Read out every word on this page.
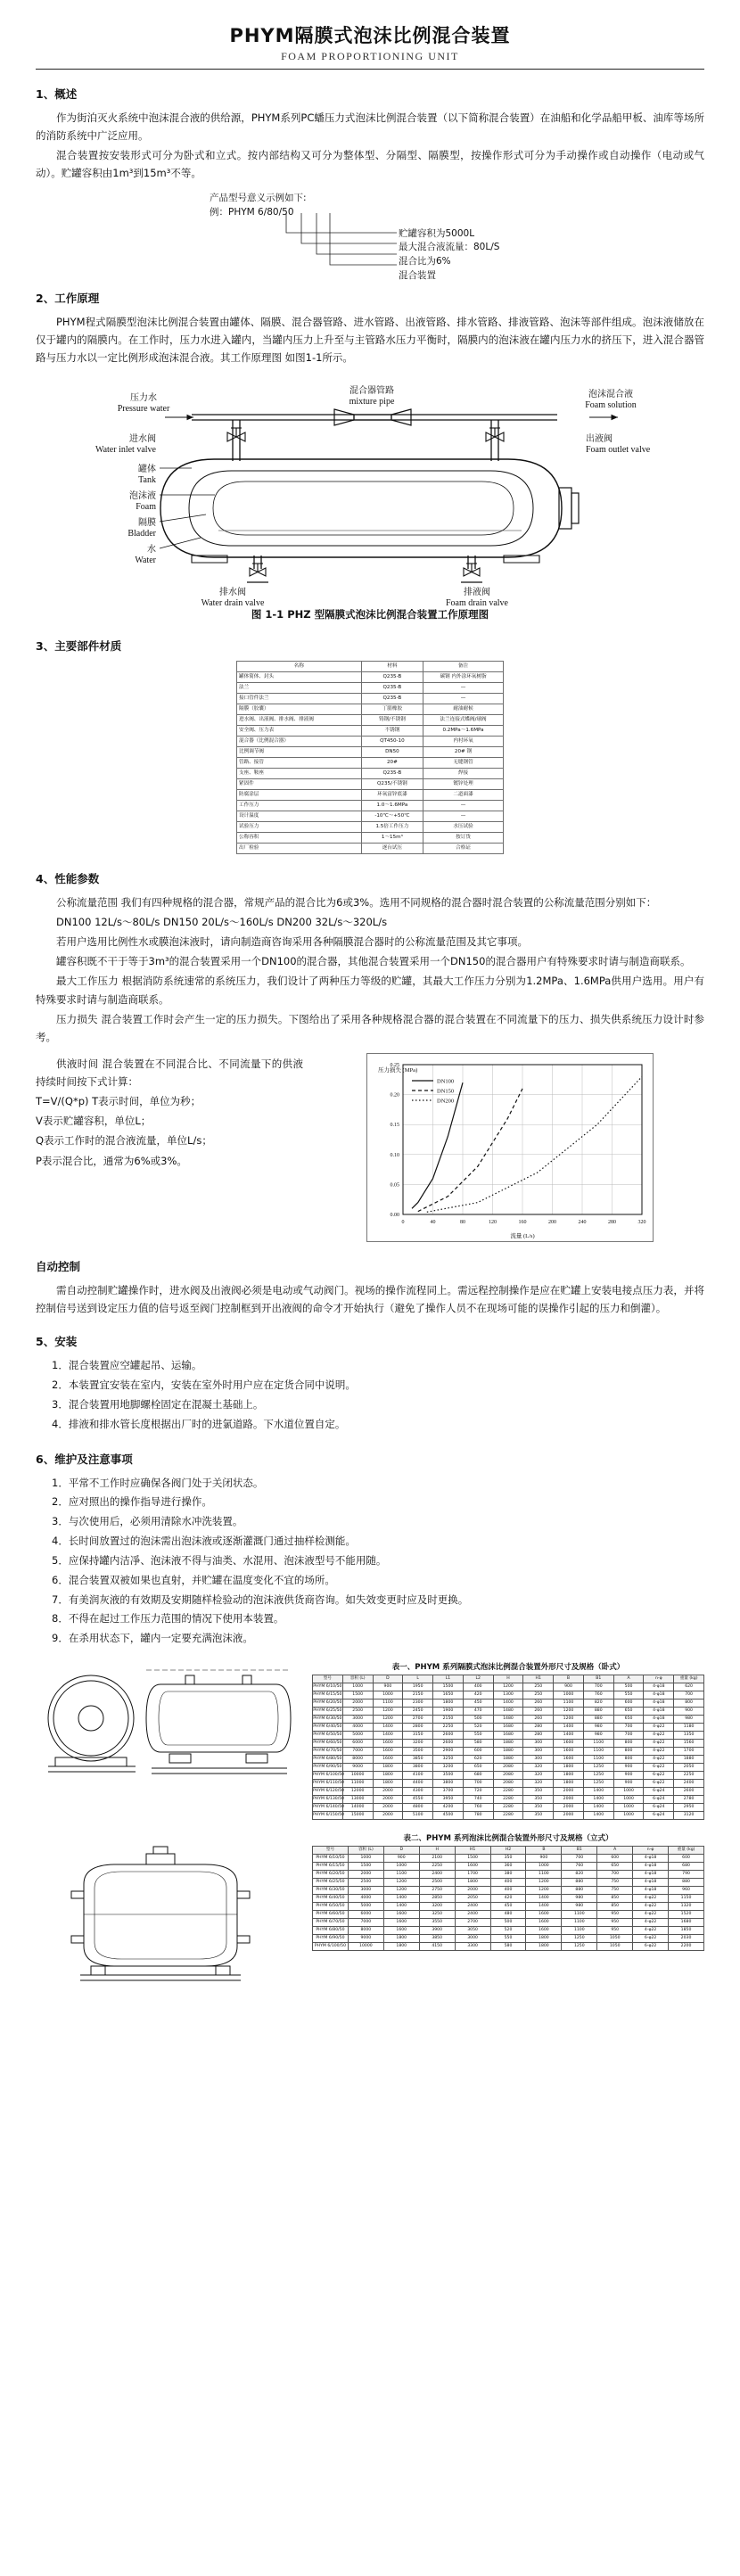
PHYM隔膜式泡沫比例混合装置
FOAM PROPORTIONING UNIT
1、概述

作为街泊灭火系统中泡沫混合液的供给源，PHYM系列PC蟠压力式泡沫比例混合装置（以下简称混合装置）在油船和化学品船甲板、油库等场所的消防系统中广泛应用。

混合装置按安装形式可分为卧式和立式。按内部结构又可分为整体型、分隔型、隔膜型，按操作形式可分为手动操作或自动操作（电动或气动）。贮罐容积由1m³到15m³不等。

产品型号意义示例如下:
例：PHYM 6/80/50
贮罐容积为5000L
最大混合液流量：80L/S
混合比为6%
混合装置
2、工作原理

PHYM程式隔膜型泡沫比例混合装置由罐体、隔膜、混合器管路、进水管路、出液管路、排水管路、排液管路、泡沫等部件组成。泡沫液储放在仅于罐内的隔膜内。在工作时，压力水进入罐内，当罐内压力上升至与主管路水压力平衡时，隔膜内的泡沫液在罐内压力水的挤压下，进入混合器管路与压力水以一定比例形成泡沫混合液。其工作原理图 如图1-1所示。

压力水
Pressure water
混合器管路
mixture pipe
泡沫混合液
Foam solution
进水阀
Water inlet valve
出液阀
Foam outlet valve
罐体
Tank
泡沫液
Foam
隔膜
Bladder
水
Water
排水阀
Water drain valve
排液阀
Foam drain valve
图 1-1 PHZ 型隔膜式泡沫比例混合装置工作原理图
3、主要部件材质
名称	材料	备注
罐体简体、封头	Q235-B	碳钢 内外涂环氧树脂
法兰	Q235-B	—
接口管件法兰	Q235-B	—
隔膜（胶囊）	丁腈橡胶	耐油耐候
进水阀、出液阀、排水阀、排液阀	铸钢/不锈钢	法兰连接式蝶阀/球阀
安全阀、压力表	不锈钢	0.2MPa～1.6MPa
混合器（比例混合器）	QT450-10	内衬环氧
比例调节阀	DN50	20# 钢
管路、接管	20#	无缝钢管
支座、鞍座	Q235-B	焊接
紧固件	Q235/不锈钢	镀锌处理
防腐涂层	环氧富锌底漆	二道面漆
工作压力	1.0～1.6MPa	—
设计温度	-10℃～+50℃	—
试验压力	1.5倍工作压力	水压试验
公称容积	1～15m³	按订货
出厂检验	逐台试压	合格证
4、性能参数

公称流量范围 我们有四种规格的混合器，常规产品的混合比为6或3%。选用不同规格的混合器时混合装置的公称流量范围分别如下：

DN100 12L/s～80L/s DN150 20L/s～160L/s DN200 32L/s～320L/s

若用户选用比例性水或膜泡沫液时，请向制造商咨询采用各种隔膜混合器时的公称流量范围及其它事项。

罐容积既不干于等于3m³的混合装置采用一个DN100的混合器，其他混合装置采用一个DN150的混合器用户有特殊要求时请与制造商联系。

最大工作压力 根据消防系统速常的系统压力，我们设计了两种压力等级的贮罐，其最大工作压力分别为1.2MPa、1.6MPa供用户选用。用户有特殊要求时请与制造商联系。

压力损失 混合装置工作时会产生一定的压力损失。下图给出了采用各种规格混合器的混合装置在不同流量下的压力、损失供系统压力设计时参考。

供液时间 混合装置在不同混合比、不同流量下的供液持续时间按下式计算：

T=V/(Q*p) T表示时间，单位为秒；

V表示贮罐容积，单位L；

Q表示工作时的混合液流量，单位L/s；

P表示混合比，通常为6%或3%。

0	40	80	120	160	200	240	280	320
0.00
0.05
0.10
0.15
0.20
0.25
流量 (L/s)
压力损失 (MPa)
DN100
DN150
DN200
自动控制

需自动控制贮罐操作时，进水阀及出液阀必须是电动或气动阀门。视场的操作流程同上。需远程控制操作是应在贮罐上安装电接点压力表，并将控制信号送到设定压力值的信号返至阀门控制框到开出液阀的命令才开始执行（避免了操作人员不在现场可能的误操作引起的压力和倒灌）。

5、安装

1．混合装置应空罐起吊、运输。

2．本装置宜安装在室内，安装在室外时用户应在定货合同中说明。

3．混合装置用地脚螺栓固定在混凝土基础上。

4．排液和排水管长度根据出厂时的进氯道路。下水道位置自定。

6、维护及注意事项

1．平常不工作时应确保各阀门处于关闭状态。

2．应对照出的操作指导进行操作。

3．与次使用后，必须用清除水冲洗装置。

4．长时间放置过的泡沫需出泡沫液或逐渐灌溉门通过抽样检测能。

5．应保持罐内洁凈、泡沫液不得与油类、水混用、泡沫液型号不能用随。

6．混合装置双被如果也直射，并贮罐在温度变化不宜的场所。

7．有美润灰液的有效期及安期随样检验动的泡沫液供货商咨询。如失效变更时应及时更换。

8．不得在起过工作压力范围的情况下使用本装置。

9．在杀用状态下，罐内一定要充满泡沫液。

表一、PHYM 系列隔膜式泡沫比例混合装置外形尺寸及规格（卧式）
型号	容积 (L)	D	L	L1	L2	H	H1	B	B1	A	n-φ	重量 (kg)
PHYM 6/10/50	1000	900	1950	1500	400	1200	250	900	700	500	4-φ18	620
PHYM 6/15/50	1500	1000	2150	1650	420	1300	250	1000	760	550	4-φ18	700
PHYM 6/20/50	2000	1100	2300	1800	450	1400	260	1100	820	600	4-φ18	800
PHYM 6/25/50	2500	1200	2450	1900	470	1480	260	1200	880	650	4-φ18	900
PHYM 6/30/50	3000	1200	2700	2150	500	1480	260	1200	880	650	4-φ18	980
PHYM 6/40/50	4000	1400	2800	2250	520	1680	280	1400	980	700	4-φ22	1180
PHYM 6/50/50	5000	1400	3150	2600	550	1680	280	1400	980	700	4-φ22	1350
PHYM 6/60/50	6000	1600	3200	2600	580	1880	300	1600	1100	800	4-φ22	1560
PHYM 6/70/50	7000	1600	3500	2900	600	1880	300	1600	1100	800	4-φ22	1700
PHYM 6/80/50	8000	1600	3850	3250	620	1880	300	1600	1100	800	4-φ22	1880
PHYM 6/90/50	9000	1800	3800	3200	650	2080	320	1800	1250	900	6-φ22	2050
PHYM 6/100/50	10000	1800	4100	3500	680	2080	320	1800	1250	900	6-φ22	2250
PHYM 6/110/50	11000	1800	4400	3800	700	2080	320	1800	1250	900	6-φ22	2400
PHYM 6/120/50	12000	2000	4300	3700	720	2280	350	2000	1400	1000	6-φ24	2600
PHYM 6/130/50	13000	2000	4550	3950	740	2280	350	2000	1400	1000	6-φ24	2780
PHYM 6/140/50	14000	2000	4800	4200	760	2280	350	2000	1400	1000	6-φ24	2950
PHYM 6/150/50	15000	2000	5100	4500	780	2280	350	2000	1400	1000	6-φ24	3120
表二、PHYM 系列泡沫比例混合装置外形尺寸及规格（立式）
型号	容积 (L)	D	H	H1	H2	B	B1	A	n-φ	重量 (kg)
PHYM 6/10/50	1000	900	2100	1500	350	900	700	600	4-φ18	600
PHYM 6/15/50	1500	1000	2250	1600	360	1000	760	650	4-φ18	680
PHYM 6/20/50	2000	1100	2400	1700	380	1100	820	700	4-φ18	790
PHYM 6/25/50	2500	1200	2500	1800	400	1200	880	750	4-φ18	880
PHYM 6/30/50	3000	1200	2750	2000	400	1200	880	750	4-φ18	960
PHYM 6/40/50	4000	1400	2850	2050	420	1400	980	850	4-φ22	1150
PHYM 6/50/50	5000	1400	3200	2400	450	1400	980	850	4-φ22	1320
PHYM 6/60/50	6000	1600	3250	2400	480	1600	1100	950	4-φ22	1520
PHYM 6/70/50	7000	1600	3550	2700	500	1600	1100	950	4-φ22	1680
PHYM 6/80/50	8000	1600	3900	3050	520	1600	1100	950	4-φ22	1850
PHYM 6/90/50	9000	1800	3850	3000	550	1800	1250	1050	6-φ22	2030
PHYM 6/100/50	10000	1800	4150	3300	580	1800	1250	1050	6-φ22	2200
